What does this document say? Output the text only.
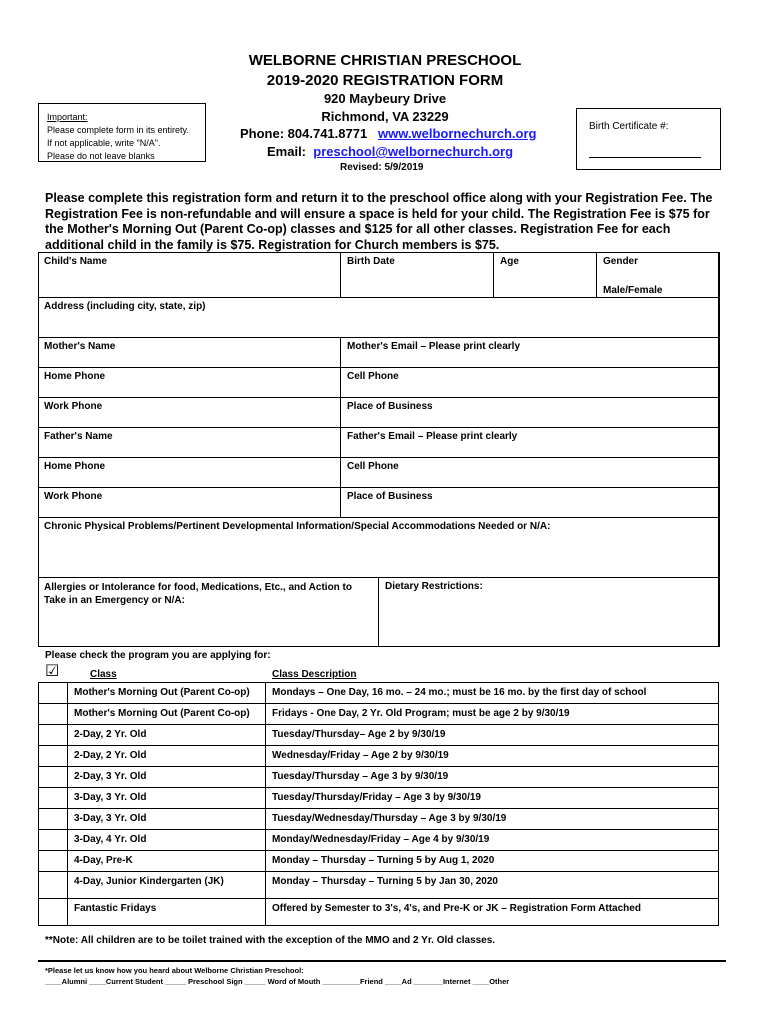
WELBORNE CHRISTIAN PRESCHOOL
2019-2020 REGISTRATION FORM
920 Maybeury Drive
Richmond, VA 23229
Phone: 804.741.8771 www.welbornechurch.org
Email: preschool@welbornechurch.org
Revised: 5/9/2019
Important:
Please complete form in its entirety.
If not applicable, write "N/A".
Please do not leave blanks
Birth Certificate #:
Please complete this registration form and return it to the preschool office along with your Registration Fee. The Registration Fee is non-refundable and will ensure a space is held for your child. The Registration Fee is $75 for the Mother's Morning Out (Parent Co-op) classes and $125 for all other classes. Registration Fee for each additional child in the family is $75. Registration for Church members is $75.
Child's Name	Birth Date	Age	Gender
Male/Female
Address (including city, state, zip)
Mother's Name	Mother's Email – Please print clearly
Home Phone	Cell Phone
Work Phone	Place of Business
Father's Name	Father's Email – Please print clearly
Home Phone	Cell Phone
Work Phone	Place of Business
Chronic Physical Problems/Pertinent Developmental Information/Special Accommodations Needed or N/A:
Allergies or Intolerance for food, Medications, Etc., and Action to Take in an Emergency or N/A:
Dietary Restrictions:
Please check the program you are applying for:
☑	Class	Class Description
Mother's Morning Out (Parent Co-op)	Mondays – One Day, 16 mo. – 24 mo.; must be 16 mo. by the first day of school
Mother's Morning Out (Parent Co-op)	Fridays - One Day, 2 Yr. Old Program; must be age 2 by 9/30/19
2-Day, 2 Yr. Old	Tuesday/Thursday– Age 2 by 9/30/19
2-Day, 2 Yr. Old	Wednesday/Friday – Age 2 by 9/30/19
2-Day, 3 Yr. Old	Tuesday/Thursday – Age 3 by 9/30/19
3-Day, 3 Yr. Old	Tuesday/Thursday/Friday – Age 3 by 9/30/19
3-Day, 3 Yr. Old	Tuesday/Wednesday/Thursday – Age 3 by 9/30/19
3-Day, 4 Yr. Old	Monday/Wednesday/Friday – Age 4 by 9/30/19
4-Day, Pre-K	Monday – Thursday – Turning 5 by Aug 1, 2020
4-Day, Junior Kindergarten (JK)	Monday – Thursday – Turning 5 by Jan 30, 2020
Fantastic Fridays	Offered by Semester to 3's, 4's, and Pre-K or JK – Registration Form Attached
**Note: All children are to be toilet trained with the exception of the MMO and 2 Yr. Old classes.
*Please let us know how you heard about Welborne Christian Preschool:
____Alumni ____Current Student _____ Preschool Sign _____ Word of Mouth _________Friend ____Ad _______Internet ____Other
